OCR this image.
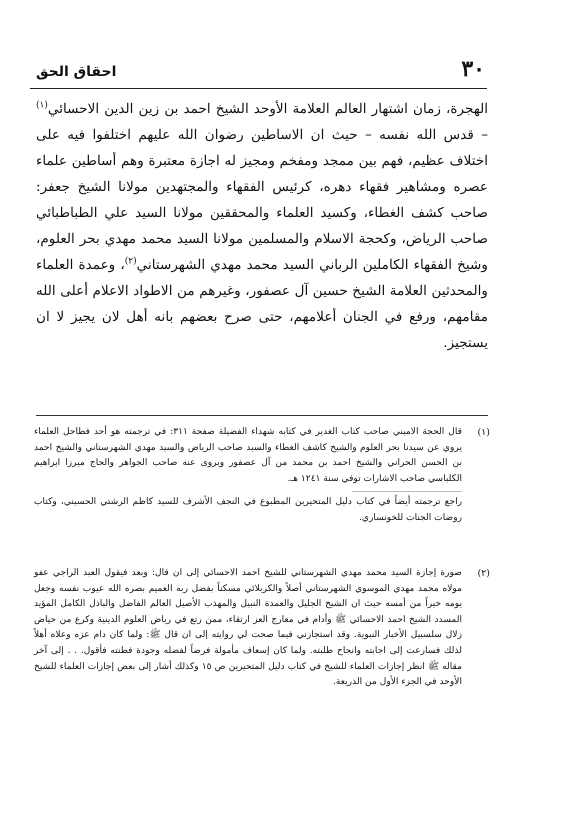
٣٠
احقاق الحق
الهجرة، زمان اشتهار العالم العلامة الأوحد الشيخ احمد بن زين الدين الاحسائي$^{(١)}$ – قدس الله نفسه – حيث ان الاساطين رضوان الله عليهم اختلفوا فيه على اختلاف عظيم، فهم بين ممجد ومفخم ومجيز له اجازة معتبرة وهم أساطين علماء عصره ومشاهير فقهاء دهره، كرئيس الفقهاء والمجتهدين مولانا الشيخ جعفر: صاحب كشف الغطاء، وكسيد العلماء والمحققين مولانا السيد علي الطباطبائي صاحب الرياض، وكحجة الاسلام والمسلمين مولانا السيد محمد مهدي بحر العلوم، وشيخ الفقهاء الكاملين الرباني السيد محمد مهدي الشهرستاني$^{(٢)}$، وعمدة العلماء والمحدثين العلامة الشيخ حسين آل عصفور، وغيرهم من الاطواد الاعلام أعلى الله مقامهم، ورفع في الجنان أعلامهم، حتى صرح بعضهم بانه أهل لان يجيز لا ان يستجيز.
(١)

قال الحجة الاميني صاحب كتاب الغدير في كتابه شهداء الفضيلة صفحة ٣١١: في ترجمته هو أحد فطاحل العلماء يروي عن سيدنا بحر العلوم والشيخ كاشف الغطاء والسيد صاحب الرياض والسيد مهدي الشهرستاني والشيخ احمد بن الحسن الحراني والشيخ احمد بن محمد من آل عصفور ويروى عنه صاحب الجواهر والحاج ميرزا ابراهيم الكلباسي صاحب الاشارات توفي سنة ١٢٤١ هـ.

راجع ترجمته أيضاً في كتاب دليل المتحيرين المطبوع في النجف الأشرف للسيد كاظم الرشتي الحسيني، وكتاب روضات الجنات للخونساري.

(٢)

صورة إجازة السيد محمد مهدي الشهرستاني للشيخ احمد الاحسائي إلى ان قال: وبعد فيقول العبد الراجي عفو مولاه محمد مهدي الموسوي الشهرستاني أصلاً والكربلائي مسكناً بفضل ربه العميم بصره الله عيوب نفسه وجعل يومه خيراً من أمسه حيث ان الشيخ الجليل والعمدة النبيل والمهذب الأصيل العالم الفاضل والباذل الكامل المؤيد المسدد الشيخ احمد الاحسائي ﷺ وأدام في معارج العز ارتقاء، ممن رتع في رياض العلوم الدينية وكرع من حياض زلال سلسبيل الأخبار النبوية. وقد استجازني فيما صحت لي روايته إلى ان قال ﷺ: ولما كان دام عزه وعلاه أهلاً لذلك فسارعت إلى اجابته وانجاح طلبته. ولما كان إسعاف مأمولة فرضاً لفضله وجودة فطنته فأقول. . . إلى آخر مقاله ﷺ انظر إجازات العلماء للشيخ في كتاب دليل المتحيرين ص ١٥ وكذلك أشار إلى بعض إجازات العلماء للشيخ الأوحد في الجزء الأول من الذريعة.
